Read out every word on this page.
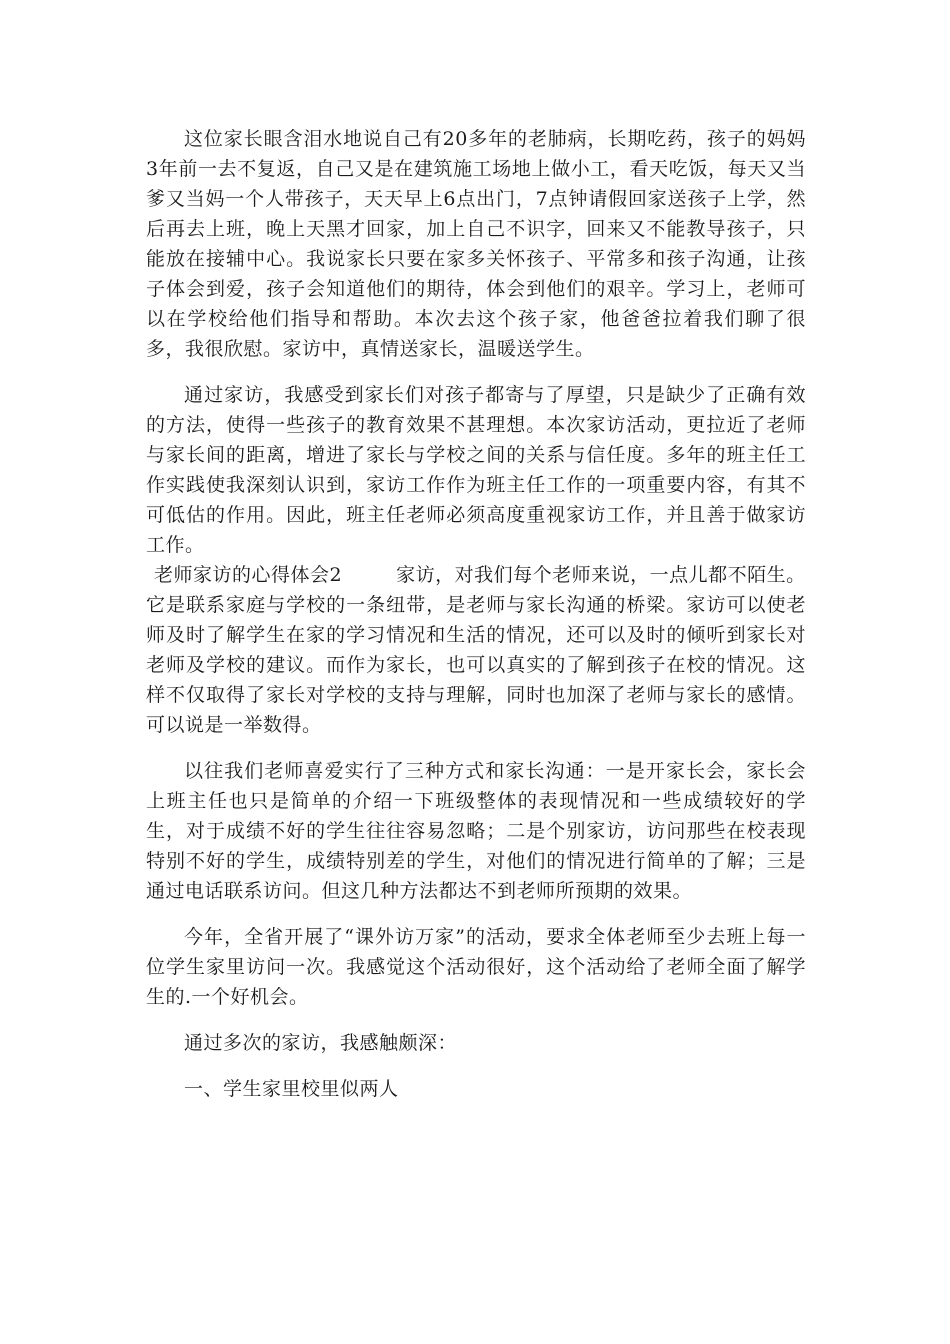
这位家长眼含泪水地说自己有20多年的老肺病，长期吃药，孩子的妈妈3年前一去不复返，自己又是在建筑施工场地上做小工，看天吃饭，每天又当爹又当妈一个人带孩子，天天早上6点出门，7点钟请假回家送孩子上学，然后再去上班，晚上天黑才回家，加上自己不识字，回来又不能教导孩子，只能放在接辅中心。我说家长只要在家多关怀孩子、平常多和孩子沟通，让孩子体会到爱，孩子会知道他们的期待，体会到他们的艰辛。学习上，老师可以在学校给他们指导和帮助。本次去这个孩子家，他爸爸拉着我们聊了很多，我很欣慰。家访中，真情送家长，温暖送学生。

通过家访，我感受到家长们对孩子都寄与了厚望，只是缺少了正确有效的方法，使得一些孩子的教育效果不甚理想。本次家访活动，更拉近了老师与家长间的距离，增进了家长与学校之间的关系与信任度。多年的班主任工作实践使我深刻认识到，家访工作作为班主任工作的一项重要内容，有其不可低估的作用。因此，班主任老师必须高度重视家访工作，并且善于做家访工作。

老师家访的心得体会2	家访，对我们每个老师来说，一点儿都不陌生。

它是联系家庭与学校的一条纽带，是老师与家长沟通的桥梁。家访可以使老师及时了解学生在家的学习情况和生活的情况，还可以及时的倾听到家长对老师及学校的建议。而作为家长，也可以真实的了解到孩子在校的情况。这样不仅取得了家长对学校的支持与理解，同时也加深了老师与家长的感情。可以说是一举数得。

以往我们老师喜爱实行了三种方式和家长沟通：一是开家长会，家长会上班主任也只是简单的介绍一下班级整体的表现情况和一些成绩较好的学生，对于成绩不好的学生往往容易忽略；二是个别家访，访问那些在校表现特别不好的学生，成绩特别差的学生，对他们的情况进行简单的了解；三是通过电话联系访问。但这几种方法都达不到老师所预期的效果。

今年，全省开展了“课外访万家”的活动，要求全体老师至少去班上每一位学生家里访问一次。我感觉这个活动很好，这个活动给了老师全面了解学生的.一个好机会。

通过多次的家访，我感触颇深：

一、学生家里校里似两人
